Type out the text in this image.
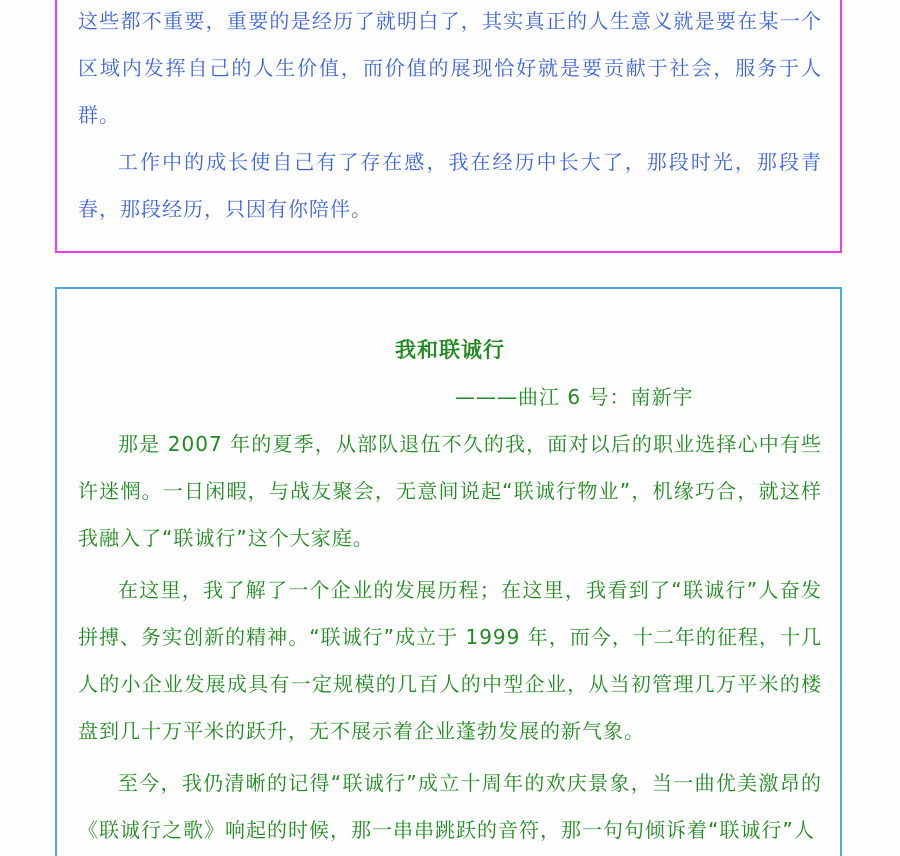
这些都不重要，重要的是经历了就明白了，其实真正的人生意义就是要在某一个区域内发挥自己的人生价值，而价值的展现恰好就是要贡献于社会，服务于人群。

工作中的成长使自己有了存在感，我在经历中长大了，那段时光，那段青春，那段经历，只因有你陪伴。

我和联诚行

———曲江 6 号：南新宇

那是 2007 年的夏季，从部队退伍不久的我，面对以后的职业选择心中有些许迷惘。一日闲暇，与战友聚会，无意间说起“联诚行物业”，机缘巧合，就这样我融入了“联诚行”这个大家庭。

在这里，我了解了一个企业的发展历程；在这里，我看到了“联诚行”人奋发拼搏、务实创新的精神。“联诚行”成立于 1999 年，而今，十二年的征程，十几人的小企业发展成具有一定规模的几百人的中型企业，从当初管理几万平米的楼盘到几十万平米的跃升，无不展示着企业蓬勃发展的新气象。

至今，我仍清晰的记得“联诚行”成立十周年的欢庆景象，当一曲优美激昂的《联诚行之歌》响起的时候，那一串串跳跃的音符，那一句句倾诉着“联诚行”人
